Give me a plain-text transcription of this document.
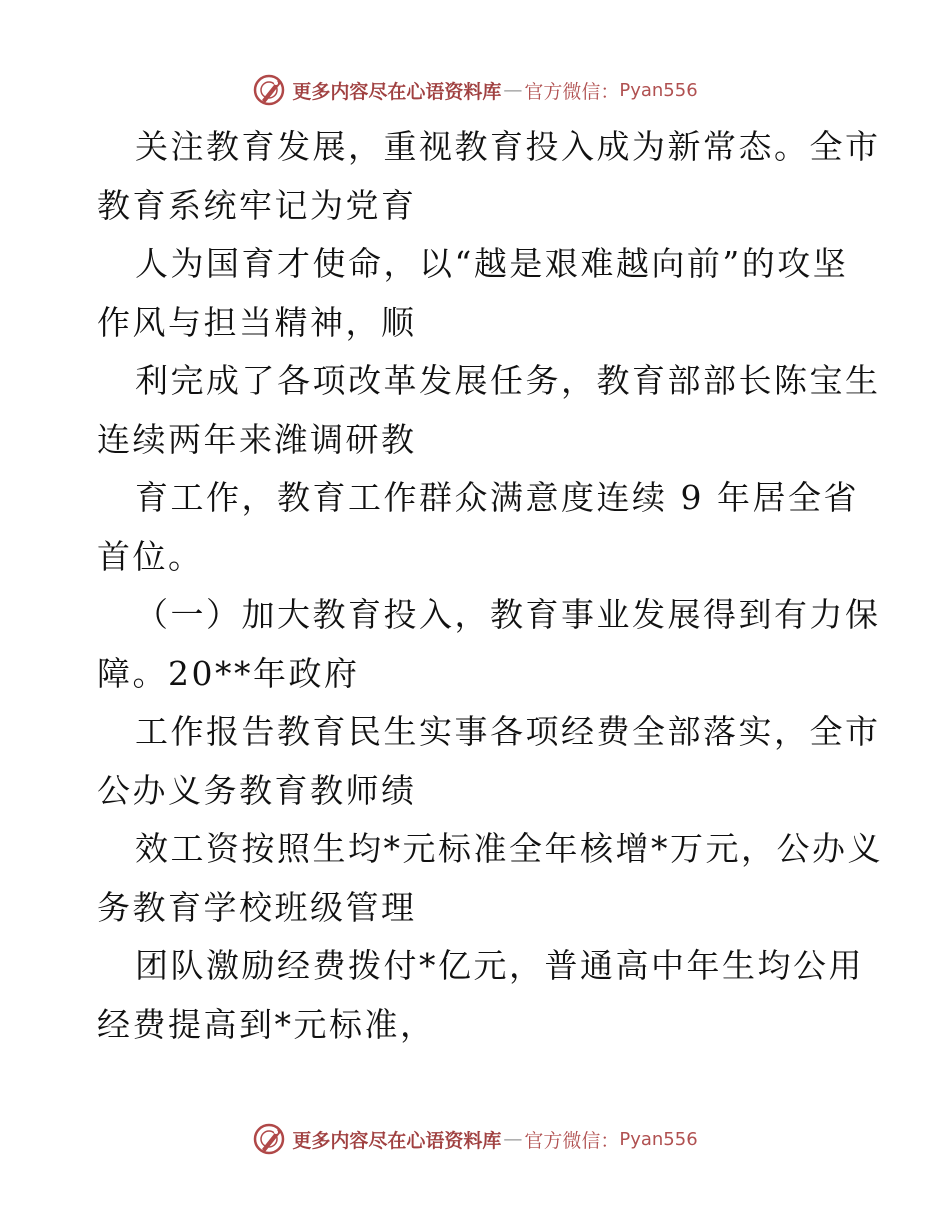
更多内容尽在心语资料库 — 官方微信： Pyan556
关注教育发展，重视教育投入成为新常态。全市
教育系统牢记为党育
人为国育才使命，以“越是艰难越向前”的攻坚
作风与担当精神，顺
利完成了各项改革发展任务，教育部部长陈宝生
连续两年来潍调研教
育工作，教育工作群众满意度连续 9 年居全省
首位。
（一）加大教育投入，教育事业发展得到有力保
障。20**年政府
工作报告教育民生实事各项经费全部落实，全市
公办义务教育教师绩
效工资按照生均*元标准全年核增*万元，公办义
务教育学校班级管理
团队激励经费拨付*亿元，普通高中年生均公用
经费提高到*元标准，
更多内容尽在心语资料库 — 官方微信： Pyan556
